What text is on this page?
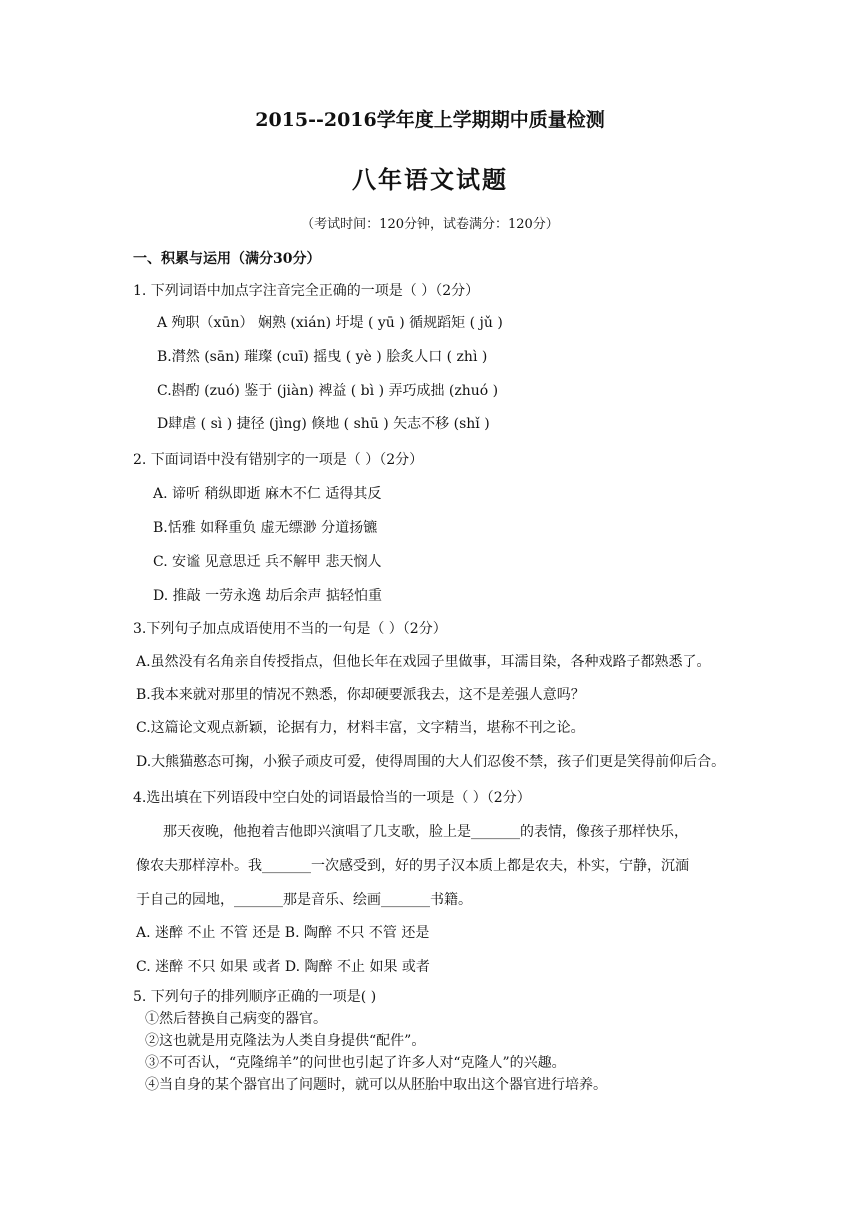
2015--2016学年度上学期期中质量检测
八年语文试题
（考试时间：120分钟，试卷满分：120分）
一、积累与运用（满分30分）
1. 下列词语中加点字注音完全正确的一项是（ ）（2分）
A 殉职（xūn） 娴熟 (xián) 圩堤 ( yū ) 循规蹈矩 ( jǔ )
B.潸然 (sān) 璀璨 (cuī) 摇曳 ( yè ) 脍炙人口 ( zhì )
C.斟酌 (zuó) 鉴于 (jiàn) 裨益 ( bì ) 弄巧成拙 (zhuó )
D肆虐 ( sì ) 捷径 (jìng) 倏地 ( shū ) 矢志不移 (shǐ )
2. 下面词语中没有错别字的一项是（ ）（2分）
A. 谛听 稍纵即逝 麻木不仁 适得其反
B.恬雅 如释重负 虚无缥渺 分道扬镳
C. 安谧 见意思迁 兵不解甲 悲天悯人
D. 推敲 一劳永逸 劫后余声 掂轻怕重
3.下列句子加点成语使用不当的一句是（ ）（2分）
A.虽然没有名角亲自传授指点，但他长年在戏园子里做事，耳濡目染，各种戏路子都熟悉了。
B.我本来就对那里的情况不熟悉，你却硬要派我去，这不是差强人意吗？
C.这篇论文观点新颖，论据有力，材料丰富，文字精当，堪称不刊之论。
D.大熊猫憨态可掬，小猴子顽皮可爱，使得周围的大人们忍俊不禁，孩子们更是笑得前仰后合。
4.选出填在下列语段中空白处的词语最恰当的一项是（ ）（2分）
那天夜晚，他抱着吉他即兴演唱了几支歌，脸上是_______的表情，像孩子那样快乐，
像农夫那样淳朴。我_______一次感受到，好的男子汉本质上都是农夫，朴实，宁静，沉湎
于自己的园地，_______那是音乐、绘画_______书籍。
A. 迷醉 不止 不管 还是 B. 陶醉 不只 不管 还是
C. 迷醉 不只 如果 或者 D. 陶醉 不止 如果 或者
5. 下列句子的排列顺序正确的一项是( )
①然后替换自己病变的器官。
②这也就是用克隆法为人类自身提供“配件”。
③不可否认，“克隆绵羊”的问世也引起了许多人对“克隆人”的兴趣。
④当自身的某个器官出了问题时，就可以从胚胎中取出这个器官进行培养。
